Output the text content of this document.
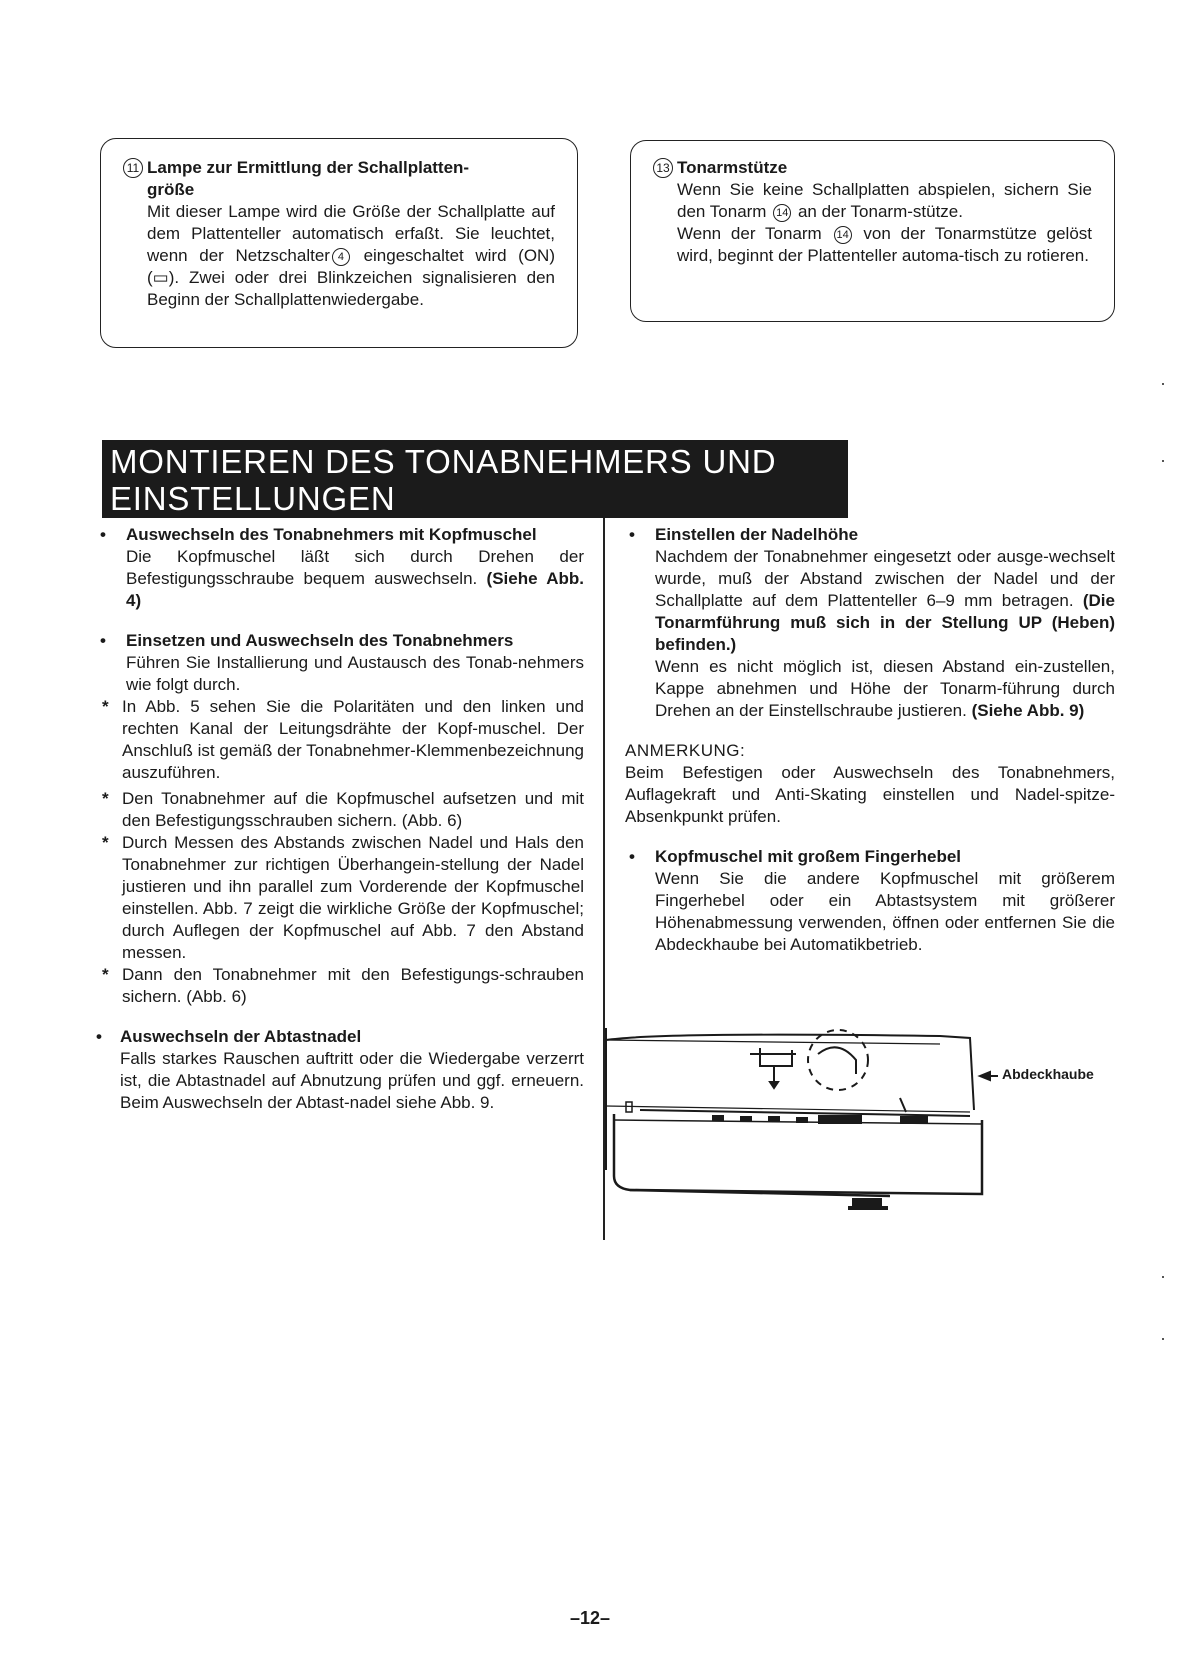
11 Lampe zur Ermittlung der Schallplatten-
größe
Mit dieser Lampe wird die Größe der Schallplatte auf dem Plattenteller automatisch erfaßt. Sie leuchtet, wenn der Netzschalter 4 eingeschaltet wird (ON) (▭). Zwei oder drei Blinkzeichen signalisieren den Beginn der Schallplattenwiedergabe.
13 Tonarmstütze
Wenn Sie keine Schallplatten abspielen, sichern Sie den Tonarm 14 an der Tonarm-stütze.
Wenn der Tonarm 14 von der Tonarmstütze gelöst wird, beginnt der Plattenteller automa-tisch zu rotieren.
MONTIEREN DES TONABNEHMERS UND
EINSTELLUNGEN
• Auswechseln des Tonabnehmers mit Kopfmuschel
Die Kopfmuschel läßt sich durch Drehen der Befestigungsschraube bequem auswechseln. (Siehe Abb. 4)
• Einsetzen und Auswechseln des Tonabnehmers
Führen Sie Installierung und Austausch des Tonab-nehmers wie folgt durch.
* In Abb. 5 sehen Sie die Polaritäten und den linken und rechten Kanal der Leitungsdrähte der Kopf-muschel. Der Anschluß ist gemäß der Tonabnehmer-Klemmenbezeichnung auszuführen.
* Den Tonabnehmer auf die Kopfmuschel aufsetzen und mit den Befestigungsschrauben sichern. (Abb. 6)
* Durch Messen des Abstands zwischen Nadel und Hals den Tonabnehmer zur richtigen Überhangein-stellung der Nadel justieren und ihn parallel zum Vorderende der Kopfmuschel einstellen. Abb. 7 zeigt die wirkliche Größe der Kopfmuschel; durch Auflegen der Kopfmuschel auf Abb. 7 den Abstand messen.
* Dann den Tonabnehmer mit den Befestigungs-schrauben sichern. (Abb. 6)
• Auswechseln der Abtastnadel
Falls starkes Rauschen auftritt oder die Wiedergabe verzerrt ist, die Abtastnadel auf Abnutzung prüfen und ggf. erneuern. Beim Auswechseln der Abtast-nadel siehe Abb. 9.
• Einstellen der Nadelhöhe
Nachdem der Tonabnehmer eingesetzt oder ausge-wechselt wurde, muß der Abstand zwischen der Nadel und der Schallplatte auf dem Plattenteller 6–9 mm betragen. (Die Tonarmführung muß sich in der Stellung UP (Heben) befinden.)
Wenn es nicht möglich ist, diesen Abstand ein-zustellen, Kappe abnehmen und Höhe der Tonarm-führung durch Drehen an der Einstellschraube justieren. (Siehe Abb. 9)
ANMERKUNG:
Beim Befestigen oder Auswechseln des Tonabnehmers, Auflagekraft und Anti-Skating einstellen und Nadel-spitze-Absenkpunkt prüfen.
• Kopfmuschel mit großem Fingerhebel
Wenn Sie die andere Kopfmuschel mit größerem Fingerhebel oder ein Abtastsystem mit größerer Höhenabmessung verwenden, öffnen oder entfernen Sie die Abdeckhaube bei Automatikbetrieb.
Abdeckhaube
–12–
